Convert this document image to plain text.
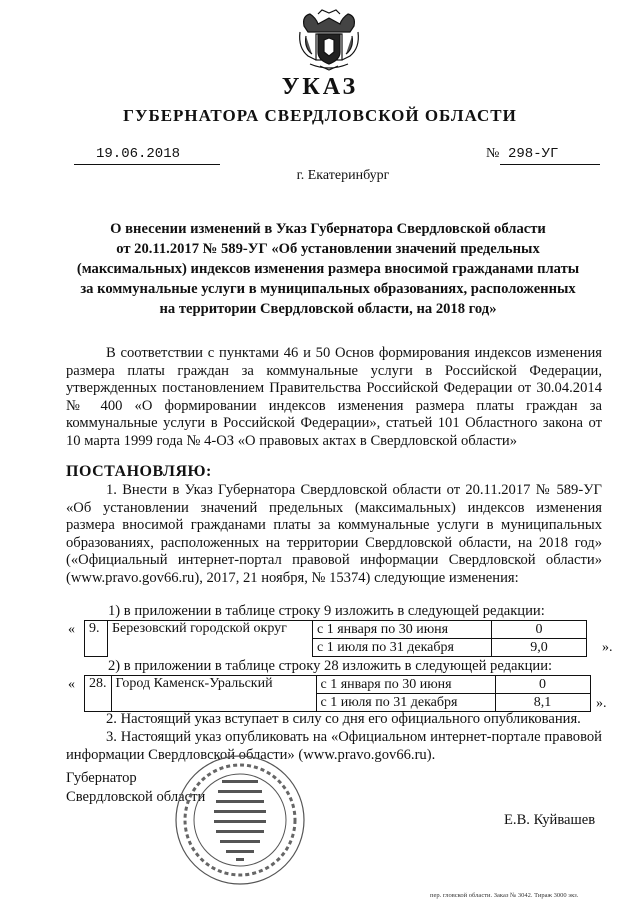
УКАЗ
ГУБЕРНАТОРА СВЕРДЛОВСКОЙ ОБЛАСТИ
19.06.2018	№ 298-УГ
г. Екатеринбург
О внесении изменений в Указ Губернатора Свердловской области
от 20.11.2017 № 589-УГ «Об установлении значений предельных
(максимальных) индексов изменения размера вносимой гражданами платы
за коммунальные услуги в муниципальных образованиях, расположенных
на территории Свердловской области, на 2018 год»
В соответствии с пунктами 46 и 50 Основ формирования индексов изменения размера платы граждан за коммунальные услуги в Российской Федерации, утвержденных постановлением Правительства Российской Федерации от 30.04.2014 № 400 «О формировании индексов изменения размера платы граждан за коммунальные услуги в Российской Федерации», статьей 101 Областного закона от 10 марта 1999 года № 4-ОЗ «О правовых актах в Свердловской области»
ПОСТАНОВЛЯЮ:
1. Внести в Указ Губернатора Свердловской области от 20.11.2017 № 589-УГ «Об установлении значений предельных (максимальных) индексов изменения размера вносимой гражданами платы за коммунальные услуги в муниципальных образованиях, расположенных на территории Свердловской области, на 2018 год» («Официальный интернет-портал правовой информации Свердловской области» (www.pravo.gov66.ru), 2017, 21 ноября, № 15374) следующие изменения:
1) в приложении в таблице строку 9 изложить в следующей редакции:
« 9.	Березовский городской округ	с 1 января по 30 июня	0
		с 1 июля по 31 декабря	9,0	».
2) в приложении в таблице строку 28 изложить в следующей редакции:
« 28.	Город Каменск-Уральский	с 1 января по 30 июня	0
		с 1 июля по 31 декабря	8,1	».
2. Настоящий указ вступает в силу со дня его официального опубликования.
3. Настоящий указ опубликовать на «Официальном интернет-портале правовой информации Свердловской области» (www.pravo.gov66.ru).
Губернатор
Свердловской области
Е.В. Куйвашев
пер. гловской области. Заказ № 3042. Тираж 3000 экз.
